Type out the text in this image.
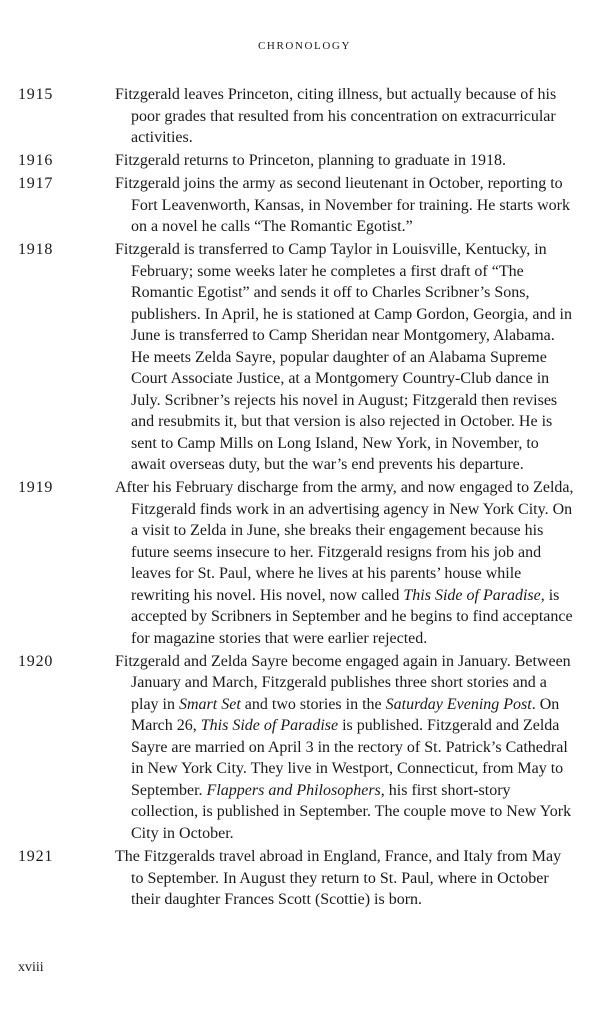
CHRONOLOGY
1915	Fitzgerald leaves Princeton, citing illness, but actually because of his poor grades that resulted from his concentration on extracurricular activities.
1916	Fitzgerald returns to Princeton, planning to graduate in 1918.
1917	Fitzgerald joins the army as second lieutenant in October, reporting to Fort Leavenworth, Kansas, in November for training. He starts work on a novel he calls “The Romantic Egotist.”
1918	Fitzgerald is transferred to Camp Taylor in Louisville, Kentucky, in February; some weeks later he completes a first draft of “The Romantic Egotist” and sends it off to Charles Scribner’s Sons, publishers. In April, he is stationed at Camp Gordon, Georgia, and in June is transferred to Camp Sheridan near Montgomery, Alabama. He meets Zelda Sayre, popular daughter of an Alabama Supreme Court Associate Justice, at a Montgomery Country-Club dance in July. Scribner’s rejects his novel in August; Fitzgerald then revises and resubmits it, but that version is also rejected in October. He is sent to Camp Mills on Long Island, New York, in November, to await overseas duty, but the war’s end prevents his departure.
1919	After his February discharge from the army, and now engaged to Zelda, Fitzgerald finds work in an advertising agency in New York City. On a visit to Zelda in June, she breaks their engagement because his future seems insecure to her. Fitzgerald resigns from his job and leaves for St. Paul, where he lives at his parents’ house while rewriting his novel. His novel, now called This Side of Paradise, is accepted by Scribners in September and he begins to find acceptance for magazine stories that were earlier rejected.
1920	Fitzgerald and Zelda Sayre become engaged again in January. Between January and March, Fitzgerald publishes three short stories and a play in Smart Set and two stories in the Saturday Evening Post. On March 26, This Side of Paradise is published. Fitzgerald and Zelda Sayre are married on April 3 in the rectory of St. Patrick’s Cathedral in New York City. They live in Westport, Connecticut, from May to September. Flappers and Philosophers, his first short-story collection, is published in September. The couple move to New York City in October.
1921	The Fitzgeralds travel abroad in England, France, and Italy from May to September. In August they return to St. Paul, where in October their daughter Frances Scott (Scottie) is born.
xviii
